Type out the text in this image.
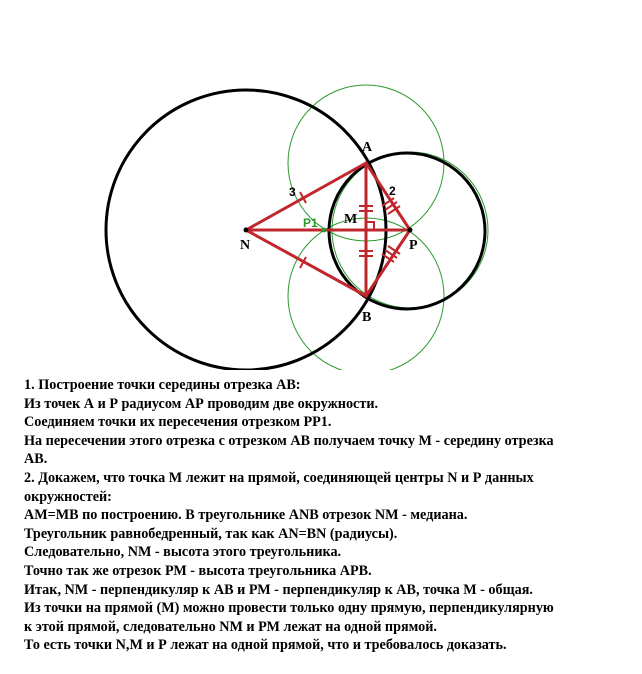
A
B
N	P
M
P1
2
3
1. Построение точки середины отрезка АВ:
Из точек А и Р радиусом АР проводим две окружности.
Соединяем точки их пересечения отрезком РР1.
На пересечении этого отрезка с отрезком АВ получаем точку М - середину отрезка
АВ.
2. Докажем, что точка М лежит на прямой, соединяющей центры N и Р данных
окружностей:
АМ=МВ по построению. В треугольнике АNВ отрезок NМ - медиана.
Треугольник равнобедренный, так как АN=ВN (радиусы).
Следовательно, NМ - высота этого треугольника.
Точно так же отрезок РМ - высота треугольника АРВ.
Итак, NМ - перпендикуляр к АВ и РМ - перпендикуляр к АВ, точка М - общая.
Из точки на прямой (М) можно провести только одну прямую, перпендикулярную
к этой прямой, следовательно NМ и РМ лежат на одной прямой.
То есть точки N,М и Р лежат на одной прямой, что и требовалось доказать.
